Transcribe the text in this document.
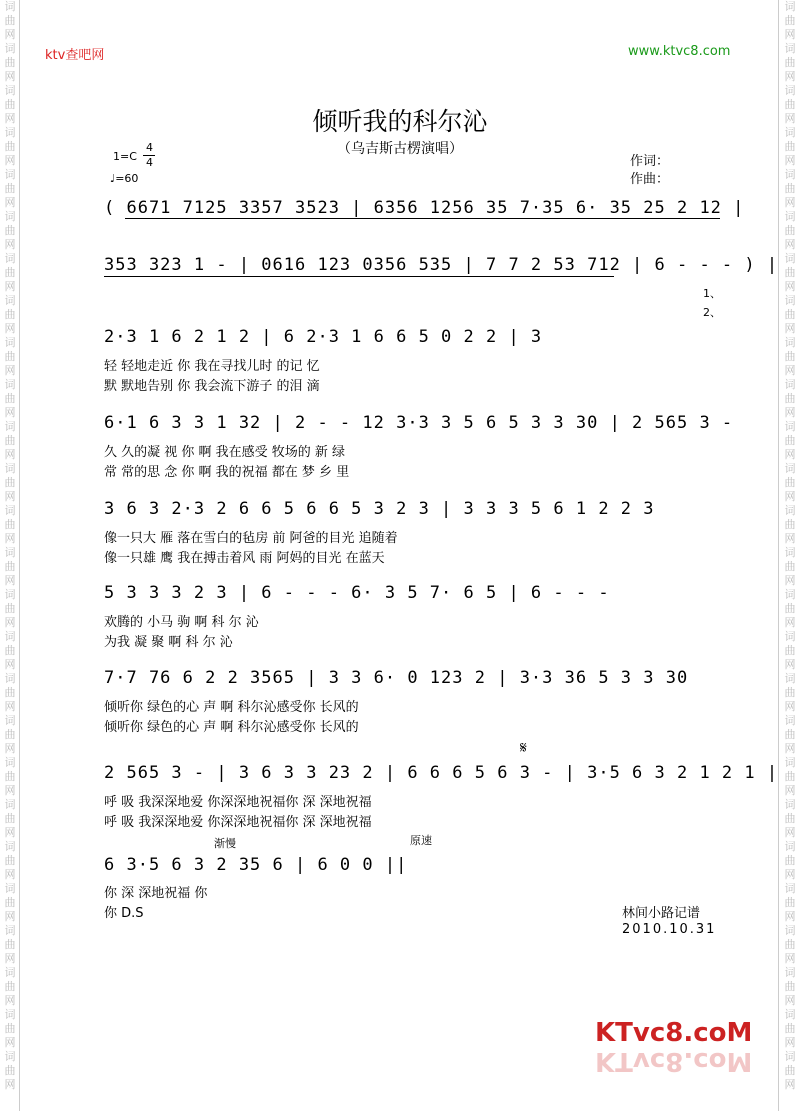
词
曲
网
词
曲
网
词
曲
网
词
曲
网
词
曲
网
词
曲
网
词
曲
网
词
曲
网
词
曲
网
词
曲
网
词
曲
网
词
曲
网
词
曲
网
词
曲
网
词
曲
网
词
曲
网
词
曲
网
词
曲
网
词
曲
网
词
曲
网
词
曲
网
词
曲
网
词
曲
网
词
曲
网
词
曲
网
词
曲
网
词
曲
网
词
曲
网
词
曲
网
词
曲
网
词
曲
网
词
曲
网
词
曲
网
词
曲
网
词
曲
网
词
曲
网
词
曲
网
词
曲
网
词
曲
网
词
曲
网
词
曲
网
词
曲
网
词
曲
网
词
曲
网
词
曲
网
词
曲
网
词
曲
网
词
曲
网
词
曲
网
词
曲
网
词
曲
网
词
曲
网
ktv查吧网	www.ktvc8.com
倾听我的科尔沁
（乌吉斯古楞演唱）
1=C
4
4
♩=60
作词：
作曲：
( 6671 7125 3357 3523 | 6356 1256 35 7·35 6· 35 25 2 12 |
353 323 1 - | 0616 123 0356 535 | 7 7 2 53 712 | 6 - - - ) |
1、
2、
2·3 1 6 2 1 2 | 6 2·3 1 6 6 5 0 2 2 | 3
轻 轻地走近 你 我在寻找儿时 的记 忆
默 默地告别 你 我会流下游子 的泪 滴
6·1 6 3 3 1 32 | 2 - - 12 3·3 3 5 6 5 3 3 30 | 2 565 3 -
久 久的凝 视 你 啊 我在感受 牧场的 新 绿
常 常的思 念 你 啊 我的祝福 都在 梦 乡 里
3 6 3 2·3 2 6 6 5 6 6 5 3 2 3 | 3 3 3 5 6 1 2 2 3
像一只大 雁 落在雪白的毡房 前 阿爸的目光 追随着
像一只雄 鹰 我在搏击着风 雨 阿妈的目光 在蓝天
5 3 3 3 2 3 | 6 - - - 6· 3 5 7· 6 5 | 6 - - -
欢腾的 小马 驹 啊 科 尔 沁
为我 凝 聚 啊 科 尔 沁
7·7 76 6 2 2 3565 | 3 3 6· 0 123 2 | 3·3 36 5 3 3 30
倾听你 绿色的心 声 啊 科尔沁感受你 长风的
倾听你 绿色的心 声 啊 科尔沁感受你 长风的
𝄋
2 565 3 - | 3 6 3 3 23 2 | 6 6 6 5 6 3 - | 3·5 6 3 2 1 2 1 |
呼 吸 我深深地爱 你深深地祝福你 深 深地祝福
呼 吸 我深深地爱 你深深地祝福你 深 深地祝福
渐慢	原速
6 3·5 6 3 2 35 6 | 6 0 0 ||
你 深 深地祝福 你
你 D.S	林间小路记谱
2010.10.31
KTvc8.coM
KTvc8.coM
